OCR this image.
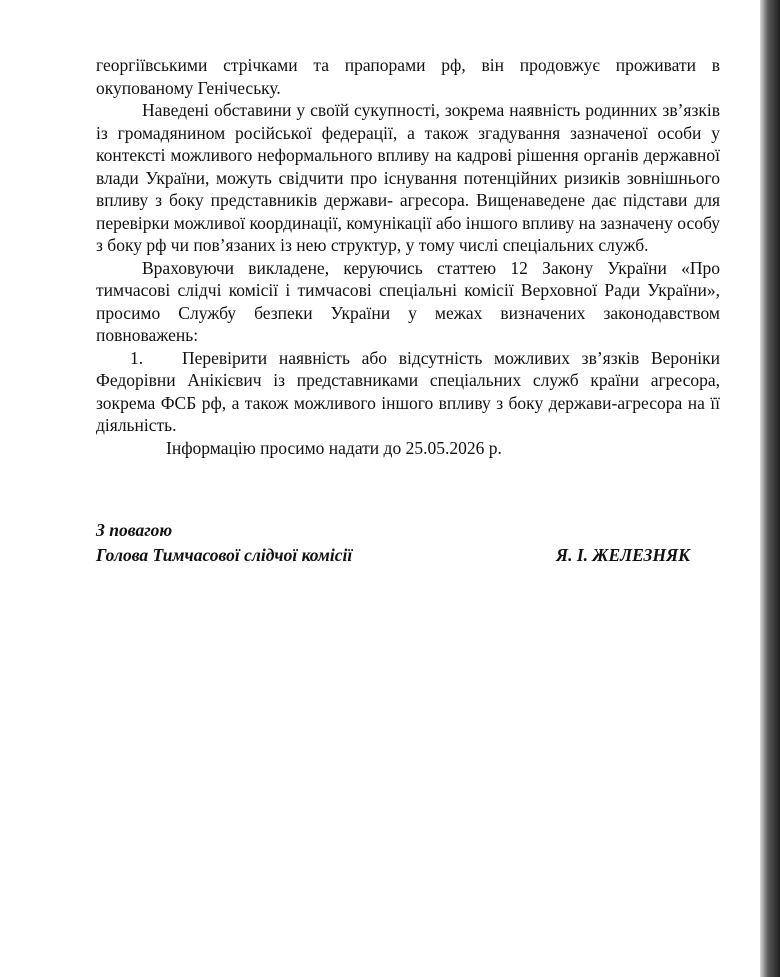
георгіївськими стрічками та прапорами рф, він продовжує проживати в окупованому Генічеську.

Наведені обставини у своїй сукупності, зокрема наявність родинних зв’язків із громадянином російської федерації, а також згадування зазначеної особи у контексті можливого неформального впливу на кадрові рішення органів державної влади України, можуть свідчити про існування потенційних ризиків зовнішнього впливу з боку представників держави- агресора. Вищенаведене дає підстави для перевірки можливої координації, комунікації або іншого впливу на зазначену особу з боку рф чи пов’язаних із нею структур, у тому числі спеціальних служб.

Враховуючи викладене, керуючись статтею 12 Закону України «Про тимчасові слідчі комісії і тимчасові спеціальні комісії Верховної Ради України», просимо Службу безпеки України у межах визначених законодавством повноважень:

1. Перевірити наявність або відсутність можливих зв’язків Вероніки Федорівни Анікієвич із представниками спеціальних служб країни агресора, зокрема ФСБ рф, а також можливого іншого впливу з боку держави-агресора на її діяльність.

Інформацію просимо надати до 25.05.2026 р.

З повагою
Голова Тимчасової слідчої комісії	Я. І. ЖЕЛЕЗНЯК
